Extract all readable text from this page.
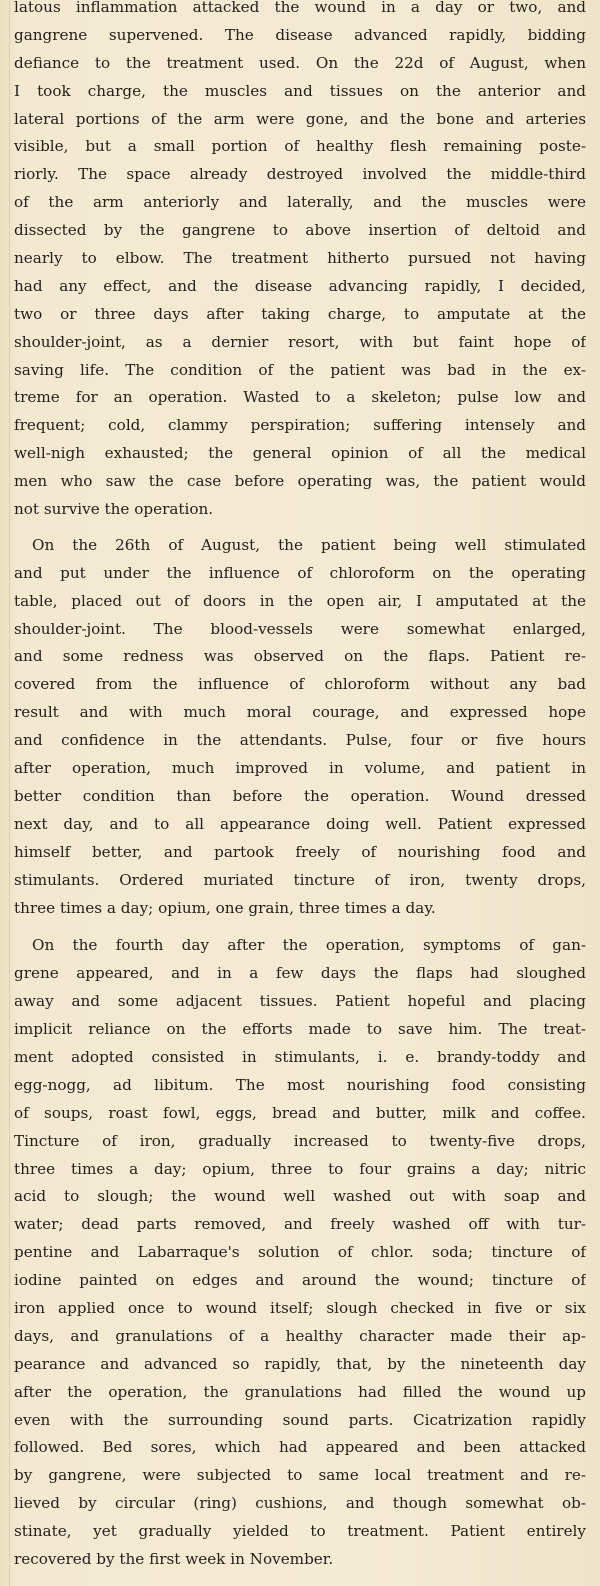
latous inflammation attacked the wound in a day or two, and
gangrene supervened. The disease advanced rapidly, bidding
defiance to the treatment used. On the 22d of August, when
I took charge, the muscles and tissues on the anterior and
lateral portions of the arm were gone, and the bone and arteries
visible, but a small portion of healthy flesh remaining poste-
riorly. The space already destroyed involved the middle-third
of the arm anteriorly and laterally, and the muscles were
dissected by the gangrene to above insertion of deltoid and
nearly to elbow. The treatment hitherto pursued not having
had any effect, and the disease advancing rapidly, I decided,
two or three days after taking charge, to amputate at the
shoulder-joint, as a dernier resort, with but faint hope of
saving life. The condition of the patient was bad in the ex-
treme for an operation. Wasted to a skeleton; pulse low and
frequent; cold, clammy perspiration; suffering intensely and
well-nigh exhausted; the general opinion of all the medical
men who saw the case before operating was, the patient would
not survive the operation.
On the 26th of August, the patient being well stimulated
and put under the influence of chloroform on the operating
table, placed out of doors in the open air, I amputated at the
shoulder-joint. The blood-vessels were somewhat enlarged,
and some redness was observed on the flaps. Patient re-
covered from the influence of chloroform without any bad
result and with much moral courage, and expressed hope
and confidence in the attendants. Pulse, four or five hours
after operation, much improved in volume, and patient in
better condition than before the operation. Wound dressed
next day, and to all appearance doing well. Patient expressed
himself better, and partook freely of nourishing food and
stimulants. Ordered muriated tincture of iron, twenty drops,
three times a day; opium, one grain, three times a day.
On the fourth day after the operation, symptoms of gan-
grene appeared, and in a few days the flaps had sloughed
away and some adjacent tissues. Patient hopeful and placing
implicit reliance on the efforts made to save him. The treat-
ment adopted consisted in stimulants, i. e. brandy-toddy and
egg-nogg, ad libitum. The most nourishing food consisting
of soups, roast fowl, eggs, bread and butter, milk and coffee.
Tincture of iron, gradually increased to twenty-five drops,
three times a day; opium, three to four grains a day; nitric
acid to slough; the wound well washed out with soap and
water; dead parts removed, and freely washed off with tur-
pentine and Labarraque's solution of chlor. soda; tincture of
iodine painted on edges and around the wound; tincture of
iron applied once to wound itself; slough checked in five or six
days, and granulations of a healthy character made their ap-
pearance and advanced so rapidly, that, by the nineteenth day
after the operation, the granulations had filled the wound up
even with the surrounding sound parts. Cicatrization rapidly
followed. Bed sores, which had appeared and been attacked
by gangrene, were subjected to same local treatment and re-
lieved by circular (ring) cushions, and though somewhat ob-
stinate, yet gradually yielded to treatment. Patient entirely
recovered by the first week in November.
